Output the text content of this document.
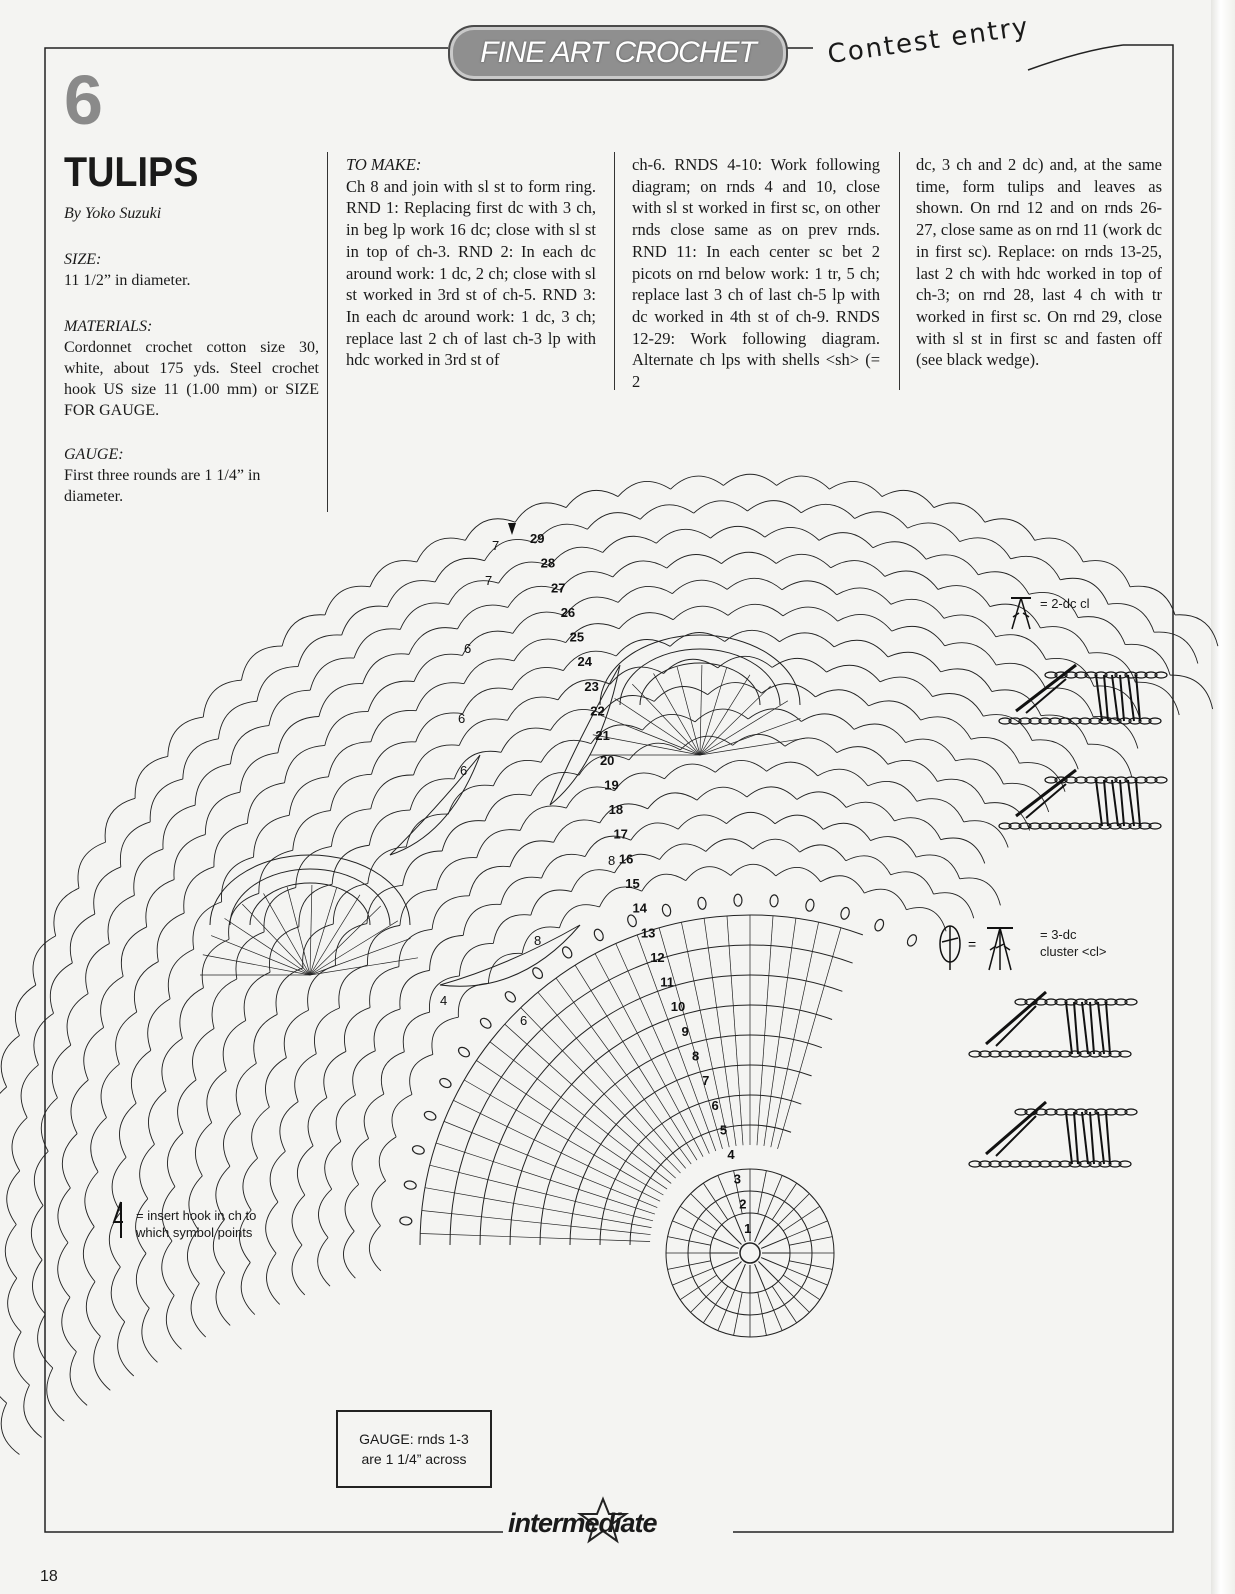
FINE ART CROCHET	Contest entry
6
TULIPS
By Yoko Suzuki
SIZE:
11 1/2” in diameter.
MATERIALS:
Cordonnet crochet cotton size 30, white, about 175 yds. Steel crochet hook US size 11 (1.00 mm) or SIZE FOR GAUGE.
GAUGE:
First three rounds are 1 1/4” in diameter.
TO MAKE:
Ch 8 and join with sl st to form ring. RND 1: Replacing first dc with 3 ch, in beg lp work 16 dc; close with sl st in top of ch-3. RND 2: In each dc around work: 1 dc, 2 ch; close with sl st worked in 3rd st of ch-5. RND 3: In each dc around work: 1 dc, 3 ch; replace last 2 ch of last ch-3 lp with hdc worked in 3rd st of
ch-6. RNDS 4-10: Work following diagram; on rnds 4 and 10, close with sl st worked in first sc, on other rnds close same as on prev rnds. RND 11: In each center sc bet 2 picots on rnd below work: 1 tr, 5 ch; replace last 3 ch of last ch-5 lp with dc worked in 4th st of ch-9. RNDS 12-29: Work following diagram. Alternate ch lps with shells <sh> (= 2
dc, 3 ch and 2 dc) and, at the same time, form tulips and leaves as shown. On rnd 12 and on rnds 26-27, close same as on rnd 11 (work dc in first sc). Replace: on rnds 13-25, last 2 ch with hdc worked in top of ch-3; on rnd 28, last 4 ch with tr worked in first sc. On rnd 29, close with sl st in first sc and fasten off (see black wedge).
29
28
27
26
25
24
23
22
21
20
19
18
17
16
15
14
13
12
11
10
9
8
7
6
5
4
3
2
1
7
7
6
6
6
8
8
4
6
= 2-dc cl
=
= 3-dc
cluster <cl>
= insert hook in ch to
which symbol points
GAUGE: rnds 1-3
are 1 1/4” across
intermediate
18
